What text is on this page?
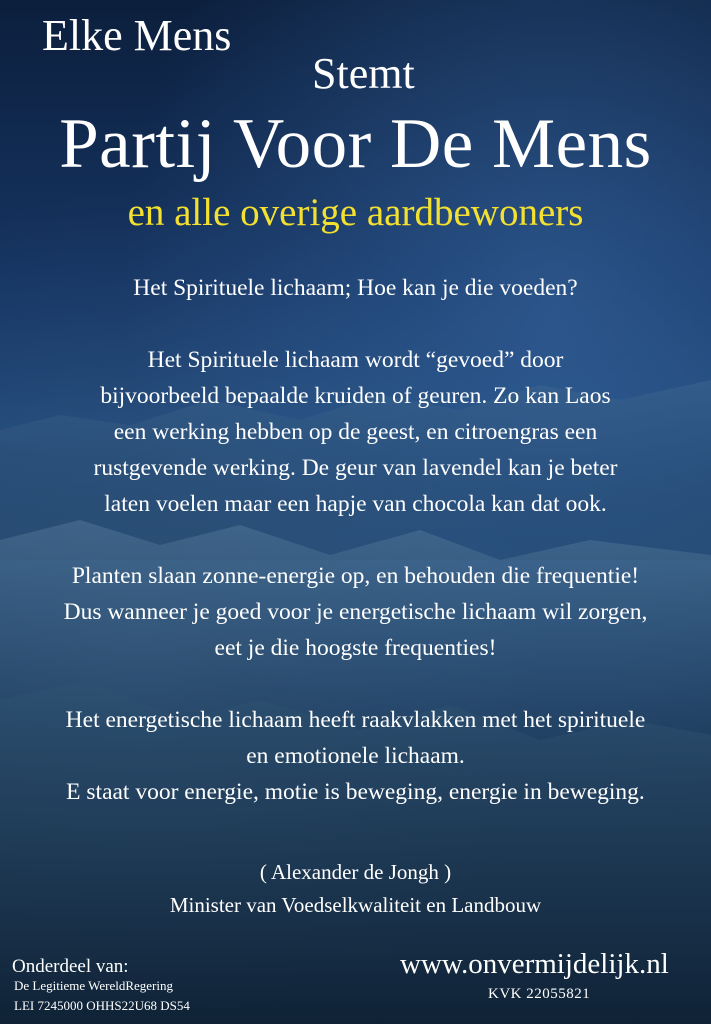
Elke Mens
Stemt
Partij Voor De Mens
en alle overige aardbewoners
Het Spirituele lichaam; Hoe kan je die voeden?
Het Spirituele lichaam wordt “gevoed” door
bijvoorbeeld bepaalde kruiden of geuren. Zo kan Laos
een werking hebben op de geest, en citroengras een
rustgevende werking. De geur van lavendel kan je beter
laten voelen maar een hapje van chocola kan dat ook.
Planten slaan zonne-energie op, en behouden die frequentie!
Dus wanneer je goed voor je energetische lichaam wil zorgen,
eet je die hoogste frequenties!
Het energetische lichaam heeft raakvlakken met het spirituele
en emotionele lichaam.
E staat voor energie, motie is beweging, energie in beweging.
( Alexander de Jongh )
Minister van Voedselkwaliteit en Landbouw
Onderdeel van:
De Legitieme WereldRegering
LEI 7245000 OHHS22U68 DS54
www.onvermijdelijk.nl
KVK 22055821
